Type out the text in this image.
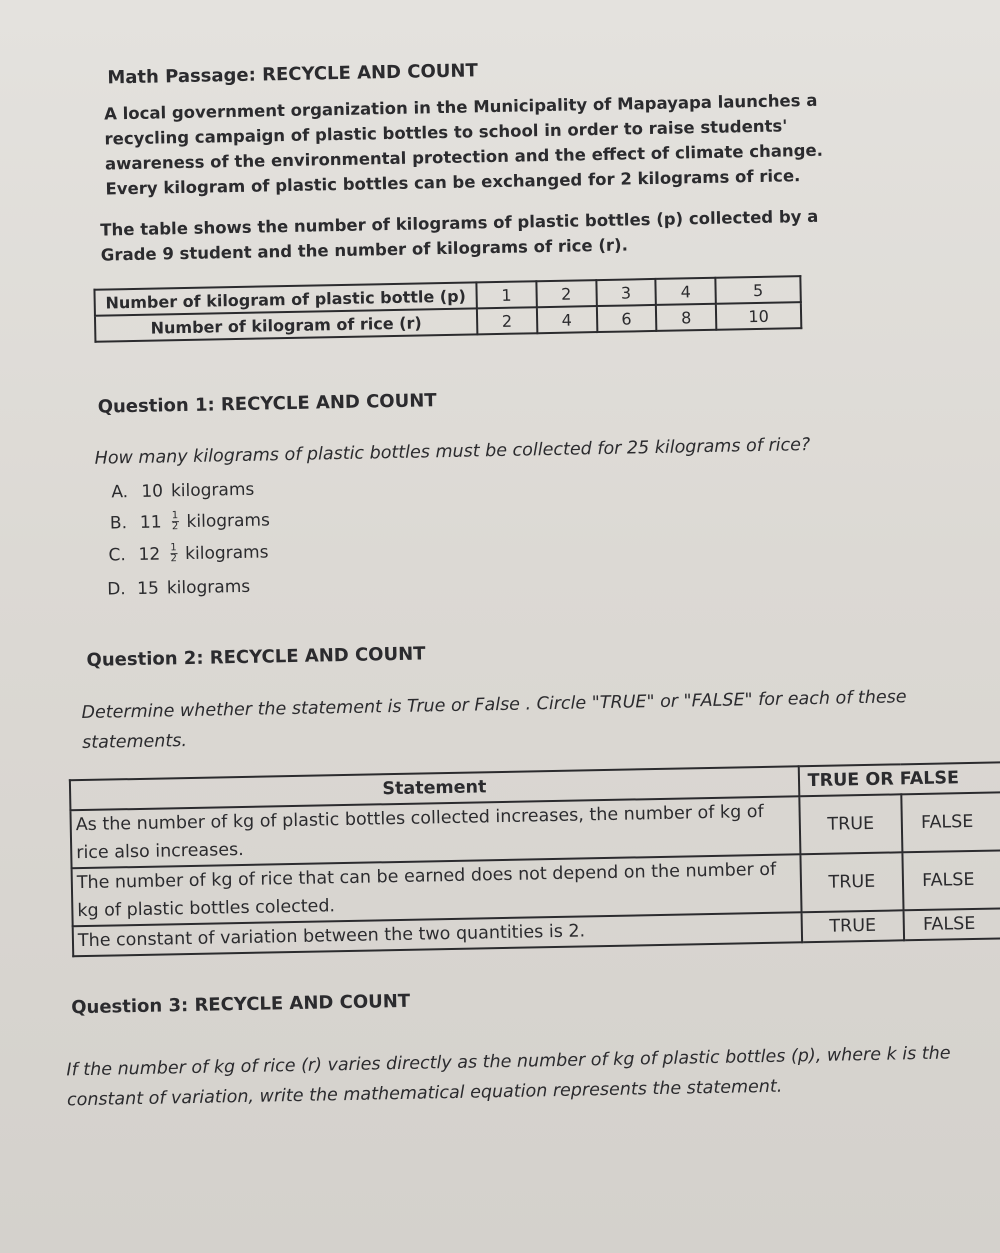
Math Passage: RECYCLE AND COUNT
A local government organization in the Municipality of Mapayapa launches a recycling campaign of plastic bottles to school in order to raise students' awareness of the environmental protection and the effect of climate change. Every kilogram of plastic bottles can be exchanged for 2 kilograms of rice.
The table shows the number of kilograms of plastic bottles (p) collected by a Grade 9 student and the number of kilograms of rice (r).
Number of kilogram of plastic bottle (p)	1	2	3	4	5
Number of kilogram of rice (r)	2	4	6	8	10
Question 1: RECYCLE AND COUNT
How many kilograms of plastic bottles must be collected for 25 kilograms of rice?
A. 10 kilograms
B. $11 \frac{1}{2}$ kilograms
C. $12 \frac{1}{2}$ kilograms
D. 15 kilograms
Question 2: RECYCLE AND COUNT
Determine whether the statement is True or False . Circle "TRUE" or "FALSE" for each of these statements.
Statement	TRUE OR FALSE	
As the number of kg of plastic bottles collected increases, the number of kg of rice also increases.	TRUE	FALSE
The number of kg of rice that can be earned does not depend on the number of kg of plastic bottles colected.	TRUE	FALSE
The constant of variation between the two quantities is 2.	TRUE	FALSE
Question 3: RECYCLE AND COUNT
If the number of kg of rice (r) varies directly as the number of kg of plastic bottles (p), where k is the constant of variation, write the mathematical equation represents the statement.
